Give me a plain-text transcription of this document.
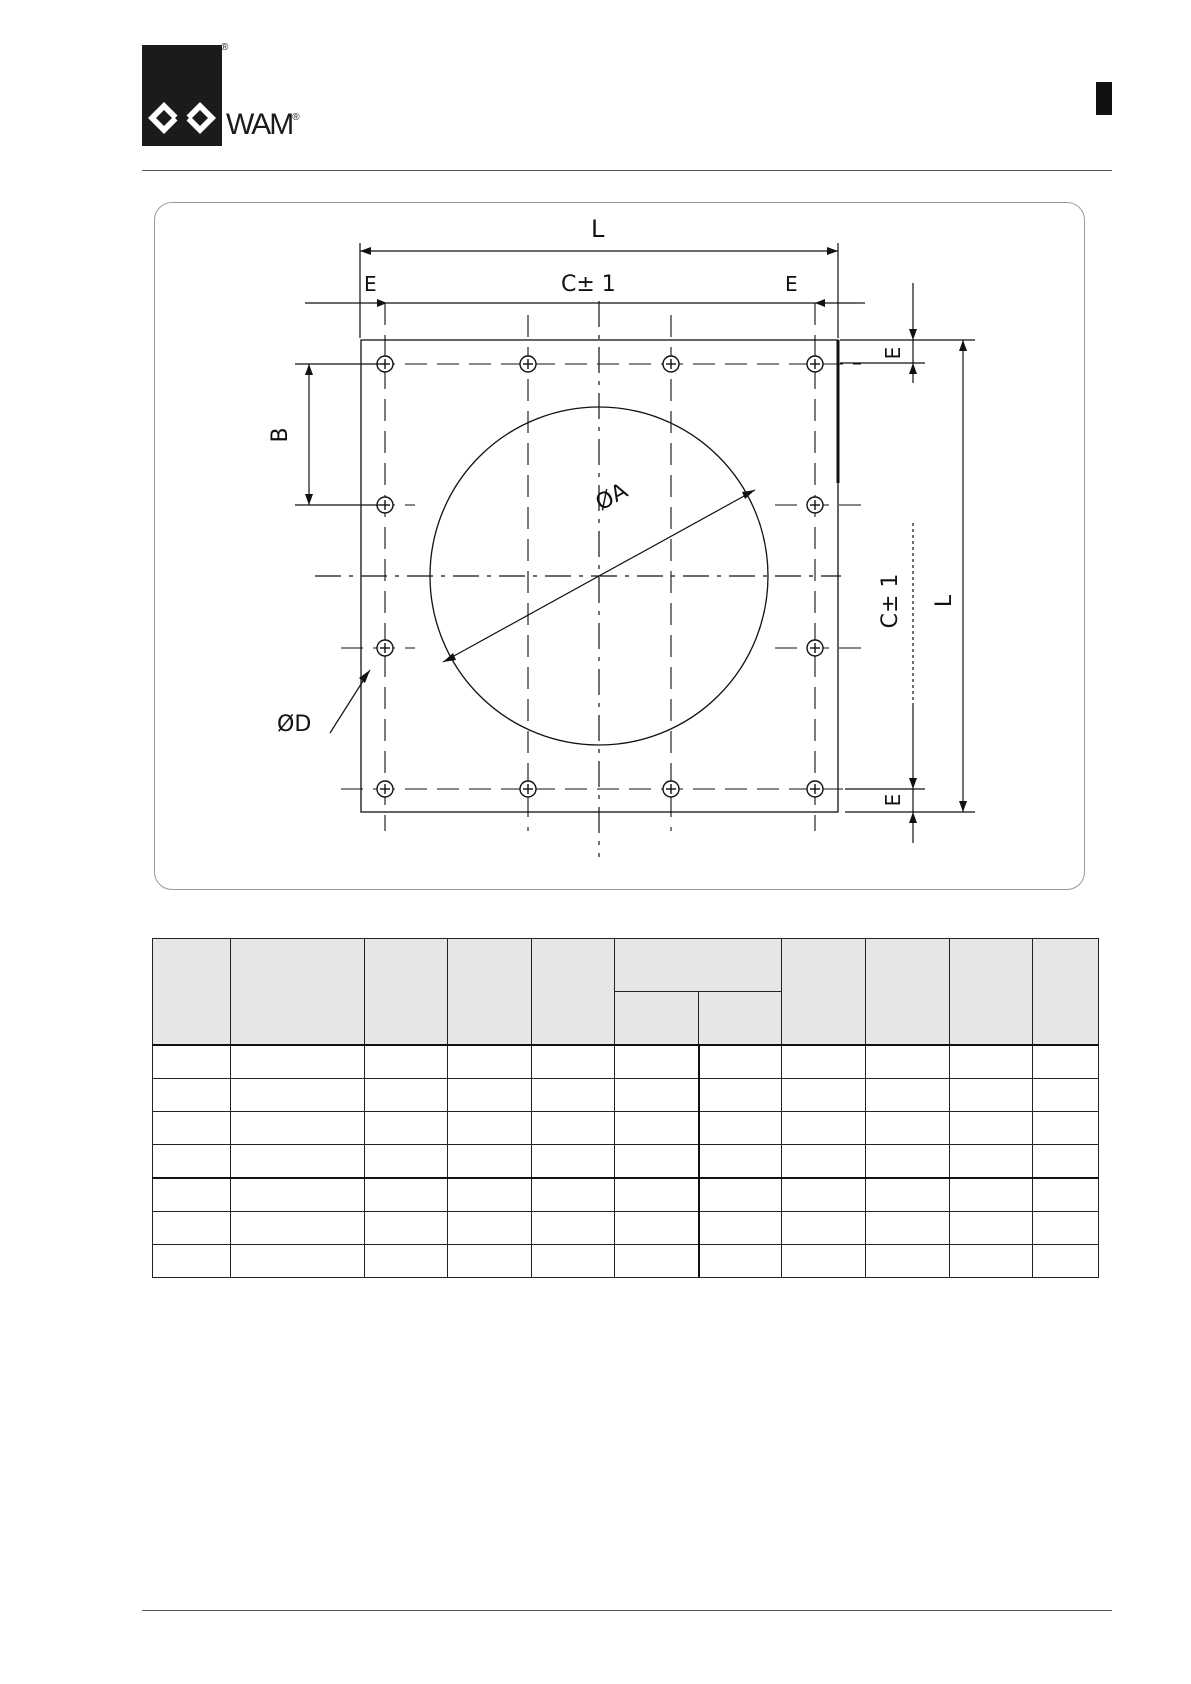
®
WAM®
L
C± 1
E	E
E
E
B
ØA
ØD
C± 1 L
